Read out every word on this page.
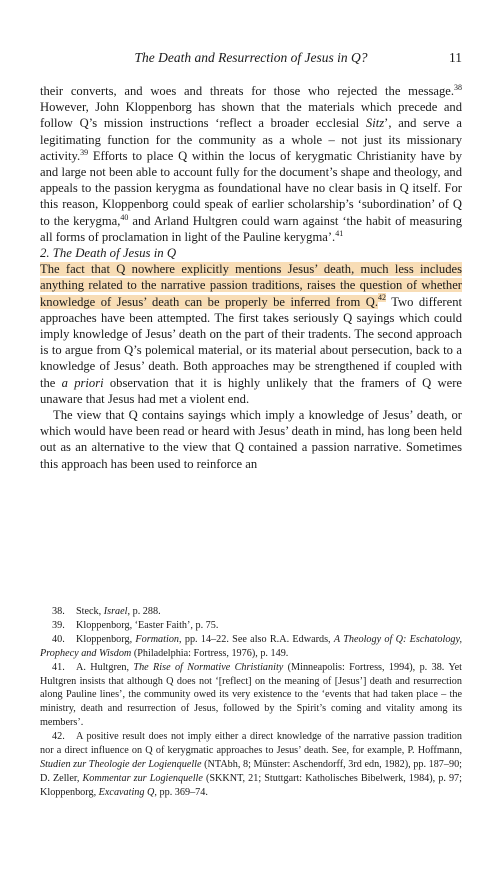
The Death and Resurrection of Jesus in Q?	11

their converts, and woes and threats for those who rejected the message.$^{38}$ However, John Kloppenborg has shown that the materials which precede and follow Q’s mission instructions ‘reflect a broader ecclesial Sitz’, and serve a legitimating function for the community as a whole – not just its missionary activity.$^{39}$ Efforts to place Q within the locus of kerygmatic Christianity have by and large not been able to account fully for the document’s shape and theology, and appeals to the passion kerygma as foundational have no clear basis in Q itself. For this reason, Kloppenborg could speak of earlier scholarship’s ‘subordination’ of Q to the kerygma,$^{40}$ and Arland Hultgren could warn against ‘the habit of measuring all forms of proclamation in light of the Pauline kerygma’.$^{41}$

2. The Death of Jesus in Q

The fact that Q nowhere explicitly mentions Jesus’ death, much less includes anything related to the narrative passion traditions, raises the question of whether knowledge of Jesus’ death can be properly be inferred from Q.$^{42}$ Two different approaches have been attempted. The first takes seriously Q sayings which could imply knowledge of Jesus’ death on the part of their tradents. The second approach is to argue from Q’s polemical material, or its material about persecution, back to a knowledge of Jesus’ death. Both approaches may be strengthened if coupled with the a priori observation that it is highly unlikely that the framers of Q were unaware that Jesus had met a violent end.

The view that Q contains sayings which imply a knowledge of Jesus’ death, or which would have been read or heard with Jesus’ death in mind, has long been held out as an alternative to the view that Q contained a passion narrative. Sometimes this approach has been used to reinforce an

38. Steck, Israel, p. 288.

39. Kloppenborg, ‘Easter Faith’, p. 75.

40. Kloppenborg, Formation, pp. 14–22. See also R.A. Edwards, A Theology of Q: Eschatology, Prophecy and Wisdom (Philadelphia: Fortress, 1976), p. 149.

41. A. Hultgren, The Rise of Normative Christianity (Minneapolis: Fortress, 1994), p. 38. Yet Hultgren insists that although Q does not ‘[reflect] on the meaning of [Jesus’] death and resurrection along Pauline lines’, the community owed its very existence to the ‘events that had taken place – the ministry, death and resurrection of Jesus, followed by the Spirit’s coming and vitality among its members’.

42. A positive result does not imply either a direct knowledge of the narrative passion tradition nor a direct influence on Q of kerygmatic approaches to Jesus’ death. See, for example, P. Hoffmann, Studien zur Theologie der Logienquelle (NTAbh, 8; Münster: Aschendorff, 3rd edn, 1982), pp. 187–90; D. Zeller, Kommentar zur Logienquelle (SKKNT, 21; Stuttgart: Katholisches Bibelwerk, 1984), p. 97; Kloppenborg, Excavating Q, pp. 369–74.
